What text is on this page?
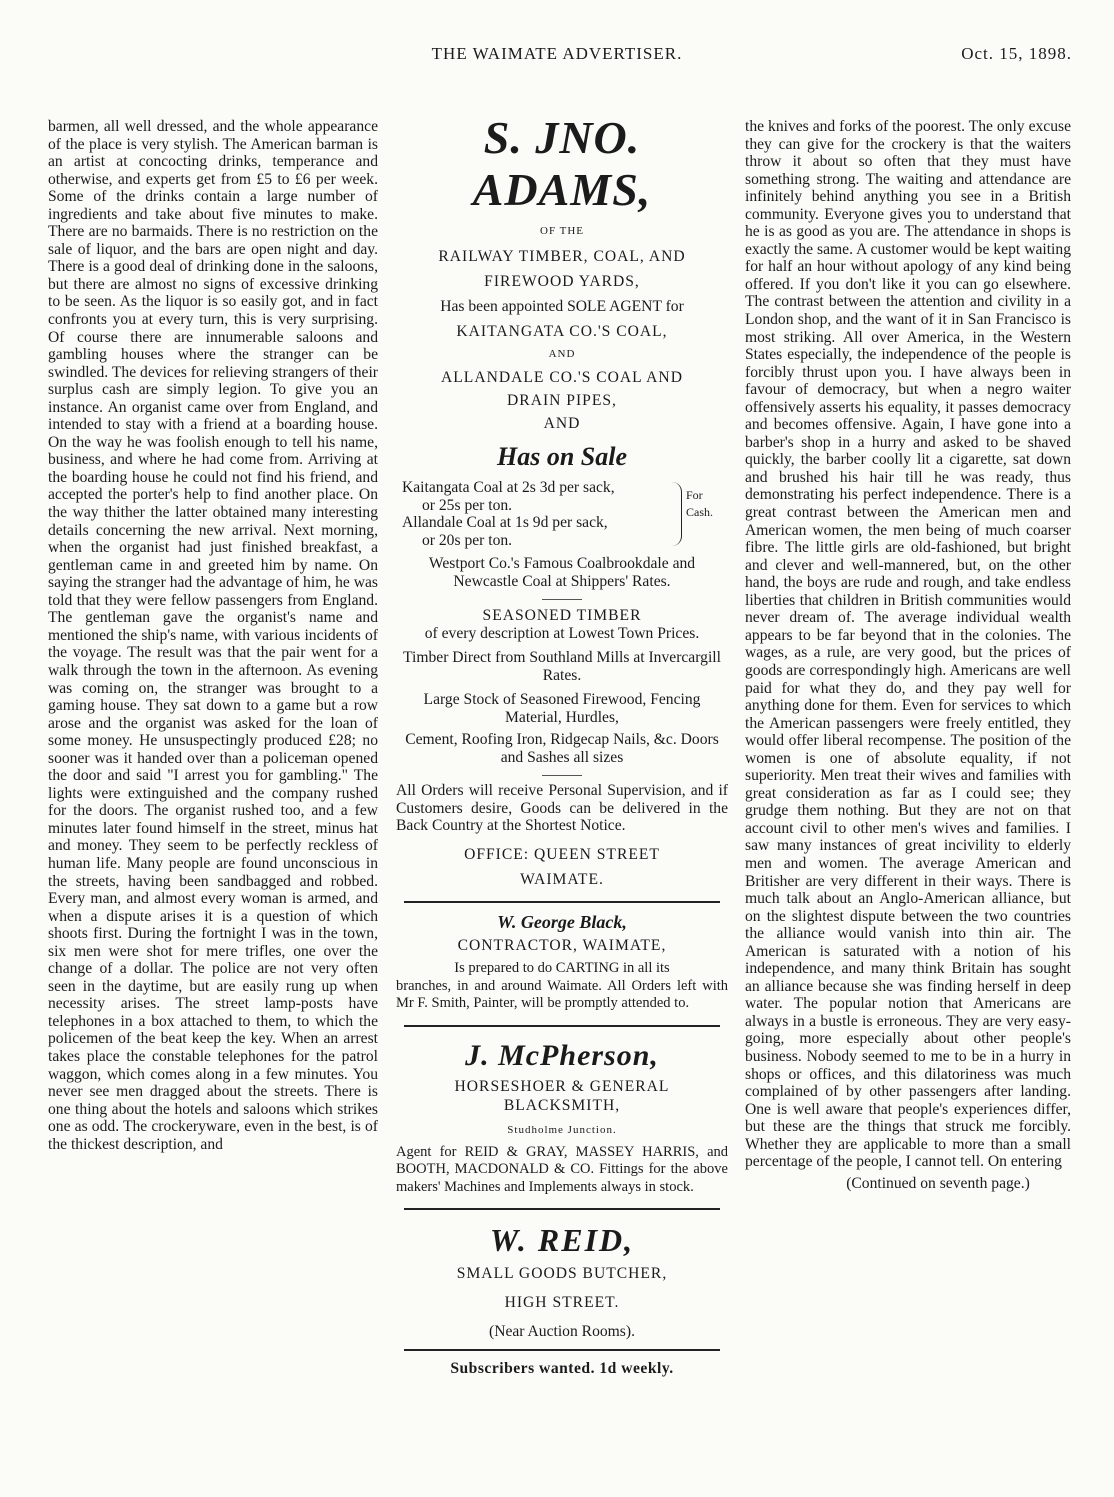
THE WAIMATE ADVERTISER.	Oct. 15, 1898.

barmen, all well dressed, and the whole appearance of the place is very stylish. The American barman is an artist at concocting drinks, temperance and otherwise, and experts get from £5 to £6 per week. Some of the drinks contain a large number of ingredients and take about five minutes to make. There are no barmaids. There is no restriction on the sale of liquor, and the bars are open night and day. There is a good deal of drinking done in the saloons, but there are almost no signs of excessive drinking to be seen. As the liquor is so easily got, and in fact confronts you at every turn, this is very surprising. Of course there are innumerable saloons and gambling houses where the stranger can be swindled. The devices for relieving strangers of their surplus cash are simply legion. To give you an instance. An organist came over from England, and intended to stay with a friend at a boarding house. On the way he was foolish enough to tell his name, business, and where he had come from. Arriving at the boarding house he could not find his friend, and accepted the porter's help to find another place. On the way thither the latter obtained many interesting details concerning the new arrival. Next morning, when the organist had just finished breakfast, a gentleman came in and greeted him by name. On saying the stranger had the advantage of him, he was told that they were fellow passengers from England. The gentleman gave the organist's name and mentioned the ship's name, with various incidents of the voyage. The result was that the pair went for a walk through the town in the afternoon. As evening was coming on, the stranger was brought to a gaming house. They sat down to a game but a row arose and the organist was asked for the loan of some money. He unsuspectingly produced £28; no sooner was it handed over than a policeman opened the door and said "I arrest you for gambling." The lights were extinguished and the company rushed for the doors. The organist rushed too, and a few minutes later found himself in the street, minus hat and money. They seem to be perfectly reckless of human life. Many people are found unconscious in the streets, having been sandbagged and robbed. Every man, and almost every woman is armed, and when a dispute arises it is a question of which shoots first. During the fortnight I was in the town, six men were shot for mere trifles, one over the change of a dollar. The police are not very often seen in the daytime, but are easily rung up when necessity arises. The street lamp-posts have telephones in a box attached to them, to which the policemen of the beat keep the key. When an arrest takes place the constable telephones for the patrol waggon, which comes along in a few minutes. You never see men dragged about the streets. There is one thing about the hotels and saloons which strikes one as odd. The crockeryware, even in the best, is of the thickest description, and

S. JNO. ADAMS,
OF THE
RAILWAY TIMBER, COAL, AND
FIREWOOD YARDS,
Has been appointed SOLE AGENT for
KAITANGATA CO.'S COAL,
AND
ALLANDALE CO.'S COAL AND
DRAIN PIPES,
AND
Has on Sale
Kaitangata Coal at 2s 3d per sack,
or 25s per ton.
Allandale Coal at 1s 9d per sack,
or 20s per ton.
For
Cash.
Westport Co.'s Famous Coalbrookdale and Newcastle Coal at Shippers' Rates.
SEASONED TIMBER
of every description at Lowest Town Prices.
Timber Direct from Southland Mills at Invercargill Rates.
Large Stock of Seasoned Firewood, Fencing Material, Hurdles,
Cement, Roofing Iron, Ridgecap Nails, &c. Doors and Sashes all sizes
All Orders will receive Personal Supervision, and if Customers desire, Goods can be delivered in the Back Country at the Shortest Notice.
OFFICE: QUEEN STREET
WAIMATE.
W. George Black,
CONTRACTOR, WAIMATE,
Is prepared to do CARTING in all its
branches, in and around Waimate. All Orders left with Mr F. Smith, Painter, will be promptly attended to.
J. McPherson,
HORSESHOER & GENERAL BLACKSMITH,
Studholme Junction.
Agent for REID & GRAY, MASSEY HARRIS, and BOOTH, MACDONALD & CO. Fittings for the above makers' Machines and Implements always in stock.
W. REID,
SMALL GOODS BUTCHER,
HIGH STREET.
(Near Auction Rooms).
Subscribers wanted. 1d weekly.

the knives and forks of the poorest. The only excuse they can give for the crockery is that the waiters throw it about so often that they must have something strong. The waiting and attendance are infinitely behind anything you see in a British community. Everyone gives you to understand that he is as good as you are. The attendance in shops is exactly the same. A customer would be kept waiting for half an hour without apology of any kind being offered. If you don't like it you can go elsewhere. The contrast between the attention and civility in a London shop, and the want of it in San Francisco is most striking. All over America, in the Western States especially, the independence of the people is forcibly thrust upon you. I have always been in favour of democracy, but when a negro waiter offensively asserts his equality, it passes democracy and becomes offensive. Again, I have gone into a barber's shop in a hurry and asked to be shaved quickly, the barber coolly lit a cigarette, sat down and brushed his hair till he was ready, thus demonstrating his perfect independence. There is a great contrast between the American men and American women, the men being of much coarser fibre. The little girls are old-fashioned, but bright and clever and well-mannered, but, on the other hand, the boys are rude and rough, and take endless liberties that children in British communities would never dream of. The average individual wealth appears to be far beyond that in the colonies. The wages, as a rule, are very good, but the prices of goods are correspondingly high. Americans are well paid for what they do, and they pay well for anything done for them. Even for services to which the American passengers were freely entitled, they would offer liberal recompense. The position of the women is one of absolute equality, if not superiority. Men treat their wives and families with great consideration as far as I could see; they grudge them nothing. But they are not on that account civil to other men's wives and families. I saw many instances of great incivility to elderly men and women. The average American and Britisher are very different in their ways. There is much talk about an Anglo-American alliance, but on the slightest dispute between the two countries the alliance would vanish into thin air. The American is saturated with a notion of his independence, and many think Britain has sought an alliance because she was finding herself in deep water. The popular notion that Americans are always in a bustle is erroneous. They are very easy-going, more especially about other people's business. Nobody seemed to me to be in a hurry in shops or offices, and this dilatoriness was much complained of by other passengers after landing. One is well aware that people's experiences differ, but these are the things that struck me forcibly. Whether they are applicable to more than a small percentage of the people, I cannot tell. On entering

(Continued on seventh page.)
